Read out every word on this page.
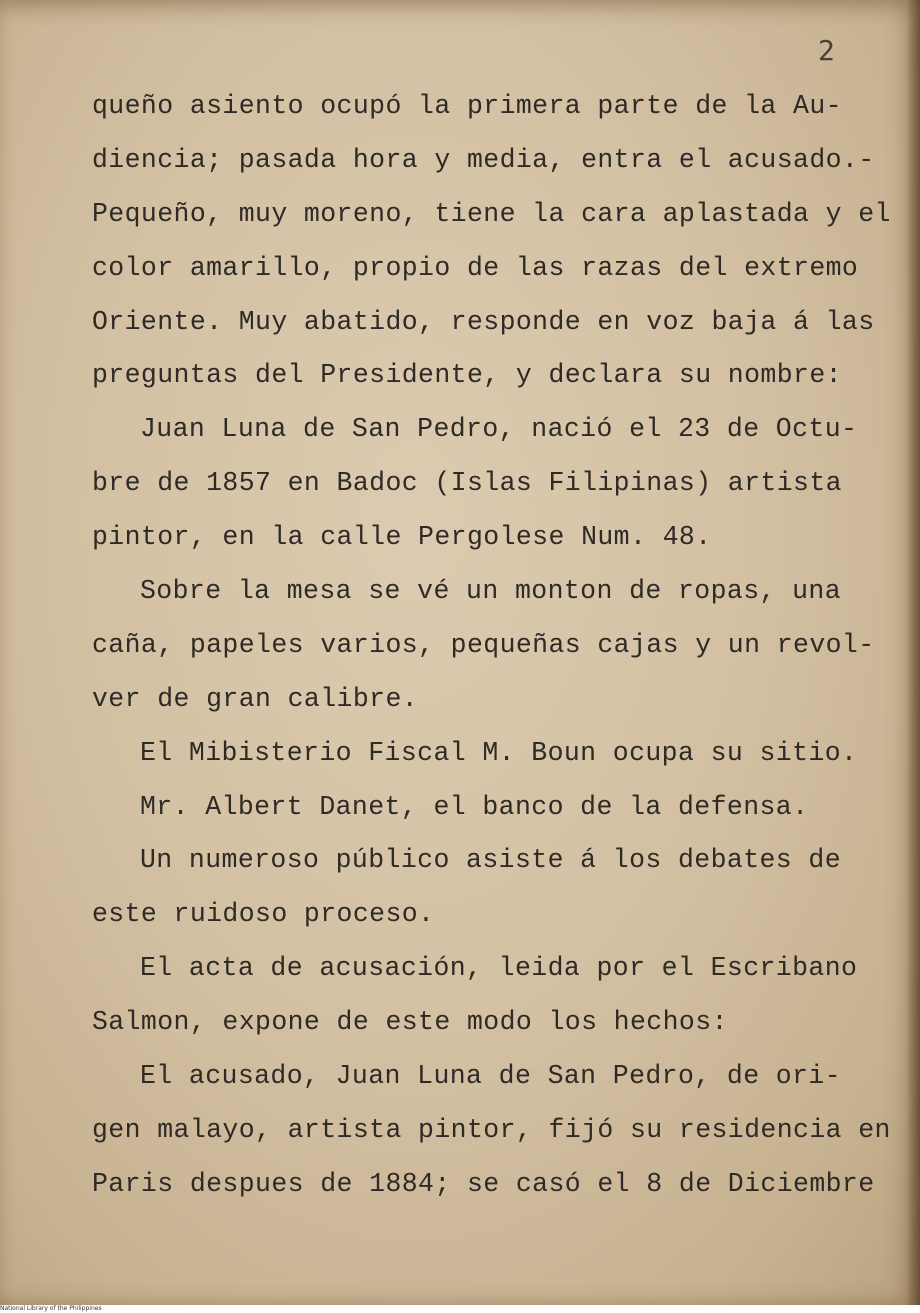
2
queño asiento ocupó la primera parte de la Au-
diencia; pasada hora y media, entra el acusado.-
Pequeño, muy moreno, tiene la cara aplastada y el
color amarillo, propio de las razas del extremo
Oriente. Muy abatido, responde en voz baja á las
preguntas del Presidente, y declara su nombre:
Juan Luna de San Pedro, nació el 23 de Octu-
bre de 1857 en Badoc (Islas Filipinas) artista
pintor, en la calle Pergolese Num. 48.
Sobre la mesa se vé un monton de ropas, una
caña, papeles varios, pequeñas cajas y un revol-
ver de gran calibre.
El Mibisterio Fiscal M. Boun ocupa su sitio.
Mr. Albert Danet, el banco de la defensa.
Un numeroso público asiste á los debates de
este ruidoso proceso.
El acta de acusación, leida por el Escribano
Salmon, expone de este modo los hechos:
El acusado, Juan Luna de San Pedro, de ori-
gen malayo, artista pintor, fijó su residencia en
Paris despues de 1884; se casó el 8 de Diciembre
National Library of the Philippines
